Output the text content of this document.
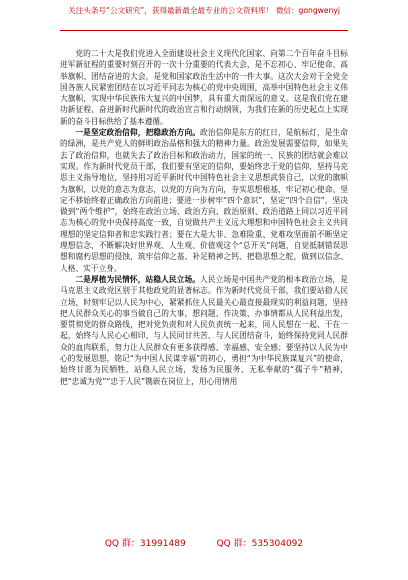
关注头条号“公文研究”，获得最新最全最专业的公文资料库！ 微信：gongwenyj

党的二十大是我们党进入全面建设社会主义现代化国家、向第二个百年奋斗目标进军新征程的重要时刻召开的一次十分重要的代表大会，是不忘初心、牢记使命、高举旗帜、团结奋进的大会，是党和国家政治生活中的一件大事。这次大会对于全党全国各族人民紧密团结在以习近平同志为核心的党中央周围，高举中国特色社会主义伟大旗帜，实现中华民族伟大复兴的中国梦，具有重大而深远的意义。这是我们党在建功新征程、奋进新时代新时代的政治宣言和行动纲领，为我们在新的历史起点上实现新的奋斗目标供给了基本遵循。

一是坚定政治信仰，把稳政治方向。政治信仰是东方的红日，是航标灯，是生命的绿洲，是共产党人的鲜明政治品格和强大的精神力量。政治发展需要信仰，如果失去了政治信仰，也就失去了政治目标和政治动力，国家的统一、民族的团结就会难以实现。作为新时代党员干部，我们要有坚定的信仰，要始终忠于党的信仰，坚持马克思主义指导地位，坚持用习近平新时代中国特色社会主义思想武装自己，以党的旗帜为旗帜，以党的意志为意志，以党的方向为方向，夯实思想根基，牢记初心使命。坚定不移始终着正确政治方向前进；要进一步树牢“四个意识”，坚定“四个自信”，坚决做到“两个维护”，始终在政治立场、政治方向、政治原则、政治道路上同以习近平同志为核心的党中央保持高度一致，自觉做共产主义远大理想和中国特色社会主义共同理想的坚定信仰者和忠实践行者；要在大是大非、急难险重、党难攻坚面前不断坚定理想信念，不断解决好世界观、人生观、价值观这个“总开关”问题，自觉抵制错误思想和腐朽思想的侵蚀，筑牢信仰之基、补足精神之钙、把稳思想之舵，做到以信念、人格、实干立身。

二是厚植为民情怀，站稳人民立场。人民立场是中国共产党的根本政治立场，是马克思主义政党区别于其他政党的显著标志。作为新时代党员干部，我们要站稳人民立场，时刻牢记以人民为中心，紧紧抓住人民最关心最直接最现实的利益问题，坚持把人民群众关心的事当做自己的大事，想问题、作决策、办事情都从人民利益出发，要贯彻党的群众路线，把对党负责和对人民负责统一起来，同人民想在一起、干在一起，始终与人民心心相印、与人民同甘共苦、与人民团结奋斗，始终保持党同人民群众的血肉联系，努力让人民群众有更多获得感、幸福感、安全感；要坚持以人民为中心的发展思想，铭记“为中国人民谋幸福”的初心，勇担“为中华民族谋复兴”的使命，始终甘愿为民牺牲，站稳人民立场，发扬为民服务、无私奉献的“孺子牛”精神，把“忠诚为党”“忠于人民”镌嵌在岗位上，用心用情用

QQ 群：31991489	QQ 群：535304092
